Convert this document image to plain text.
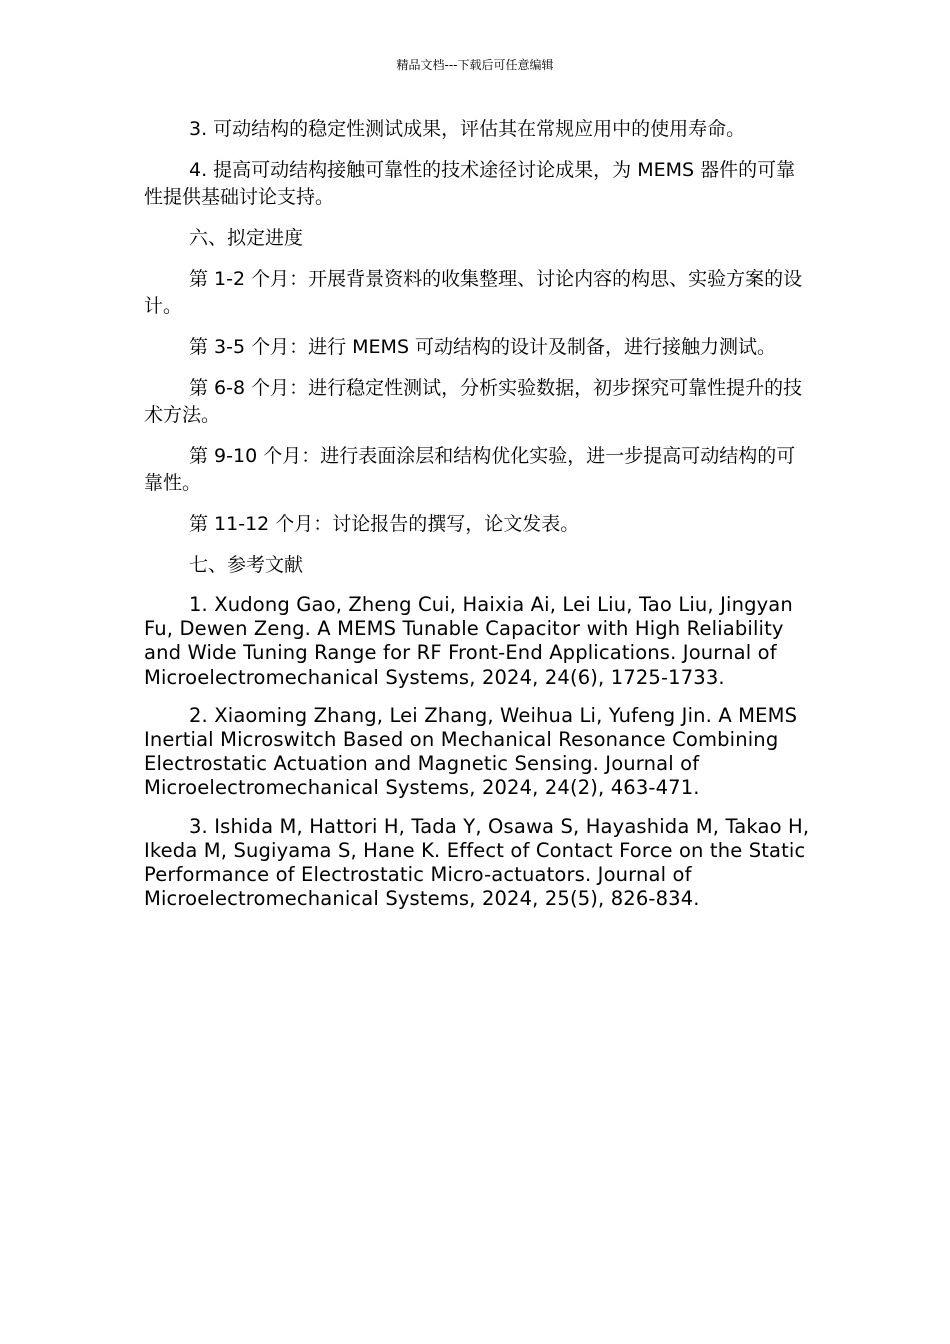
精品文档---下载后可任意编辑

3. 可动结构的稳定性测试成果，评估其在常规应用中的使用寿命。

4. 提高可动结构接触可靠性的技术途径讨论成果，为 MEMS 器件的可靠性提供基础讨论支持。

六、拟定进度

第 1-2 个月：开展背景资料的收集整理、讨论内容的构思、实验方案的设计。

第 3-5 个月：进行 MEMS 可动结构的设计及制备，进行接触力测试。

第 6-8 个月：进行稳定性测试，分析实验数据，初步探究可靠性提升的技术方法。

第 9-10 个月：进行表面涂层和结构优化实验，进一步提高可动结构的可靠性。

第 11-12 个月：讨论报告的撰写，论文发表。

七、参考文献

1. Xudong Gao, Zheng Cui, Haixia Ai, Lei Liu, Tao Liu, Jingyan Fu, Dewen Zeng. A MEMS Tunable Capacitor with High Reliability and Wide Tuning Range for RF Front-End Applications. Journal of Microelectromechanical Systems, 2024, 24(6), 1725-1733.

2. Xiaoming Zhang, Lei Zhang, Weihua Li, Yufeng Jin. A MEMS Inertial Microswitch Based on Mechanical Resonance Combining Electrostatic Actuation and Magnetic Sensing. Journal of Microelectromechanical Systems, 2024, 24(2), 463-471.

3. Ishida M, Hattori H, Tada Y, Osawa S, Hayashida M, Takao H, Ikeda M, Sugiyama S, Hane K. Effect of Contact Force on the Static Performance of Electrostatic Micro-actuators. Journal of Microelectromechanical Systems, 2024, 25(5), 826-834.
